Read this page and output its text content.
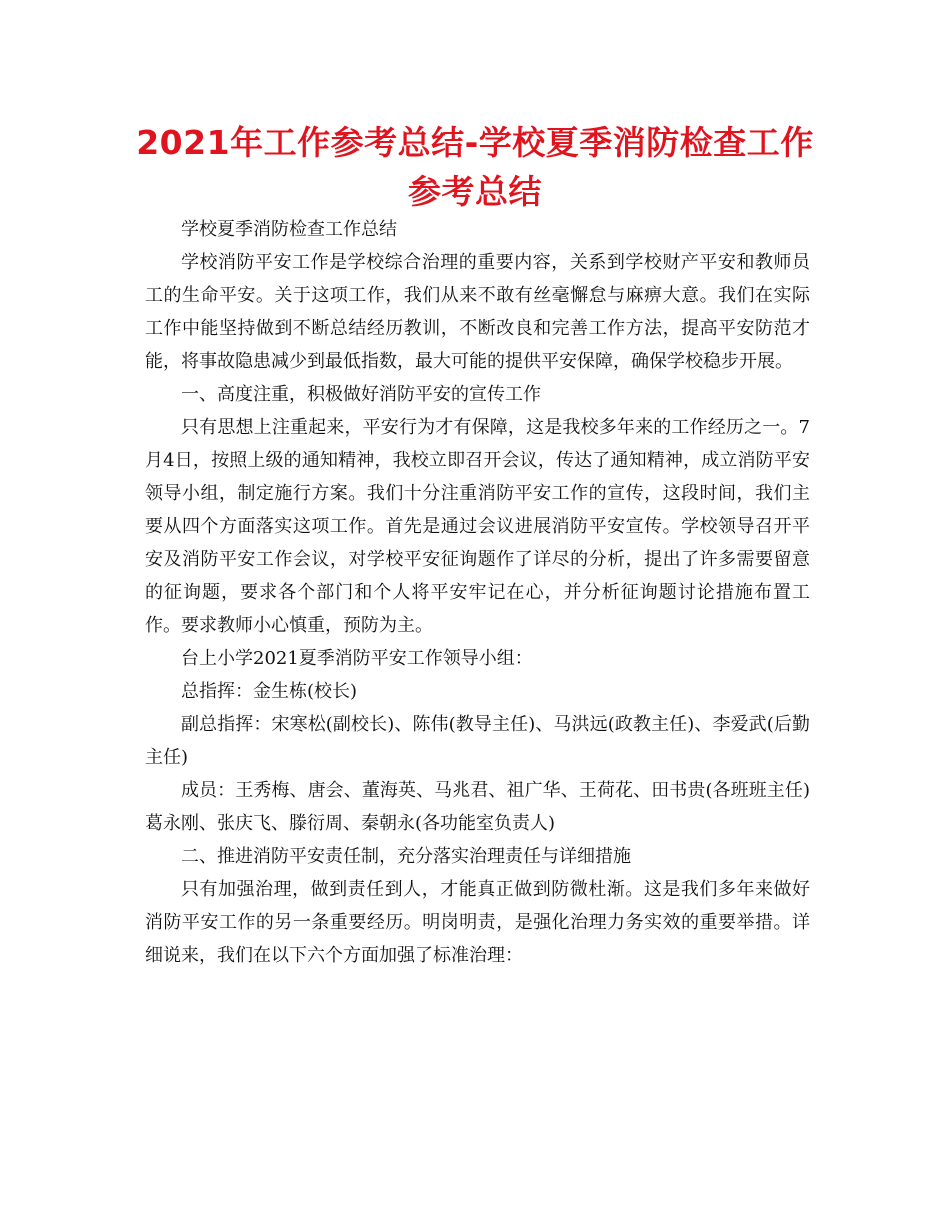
2021年工作参考总结-学校夏季消防检查工作参考总结

学校夏季消防检查工作总结

学校消防平安工作是学校综合治理的重要内容，关系到学校财产平安和教师员工的生命平安。关于这项工作，我们从来不敢有丝毫懈怠与麻痹大意。我们在实际工作中能坚持做到不断总结经历教训，不断改良和完善工作方法，提高平安防范才能，将事故隐患减少到最低指数，最大可能的提供平安保障，确保学校稳步开展。

一、高度注重，积极做好消防平安的宣传工作

只有思想上注重起来，平安行为才有保障，这是我校多年来的工作经历之一。7月4日，按照上级的通知精神，我校立即召开会议，传达了通知精神，成立消防平安领导小组，制定施行方案。我们十分注重消防平安工作的宣传，这段时间，我们主要从四个方面落实这项工作。首先是通过会议进展消防平安宣传。学校领导召开平安及消防平安工作会议，对学校平安征询题作了详尽的分析，提出了许多需要留意的征询题，要求各个部门和个人将平安牢记在心，并分析征询题讨论措施布置工作。要求教师小心慎重，预防为主。

台上小学2021夏季消防平安工作领导小组：

总指挥：金生栋(校长)

副总指挥：宋寒松(副校长)、陈伟(教导主任)、马洪远(政教主任)、李爱武(后勤主任)

成员：王秀梅、唐会、董海英、马兆君、祖广华、王荷花、田书贵(各班班主任)葛永刚、张庆飞、滕衍周、秦朝永(各功能室负责人)

二、推进消防平安责任制，充分落实治理责任与详细措施

只有加强治理，做到责任到人，才能真正做到防微杜渐。这是我们多年来做好消防平安工作的另一条重要经历。明岗明责，是强化治理力务实效的重要举措。详细说来，我们在以下六个方面加强了标准治理：
